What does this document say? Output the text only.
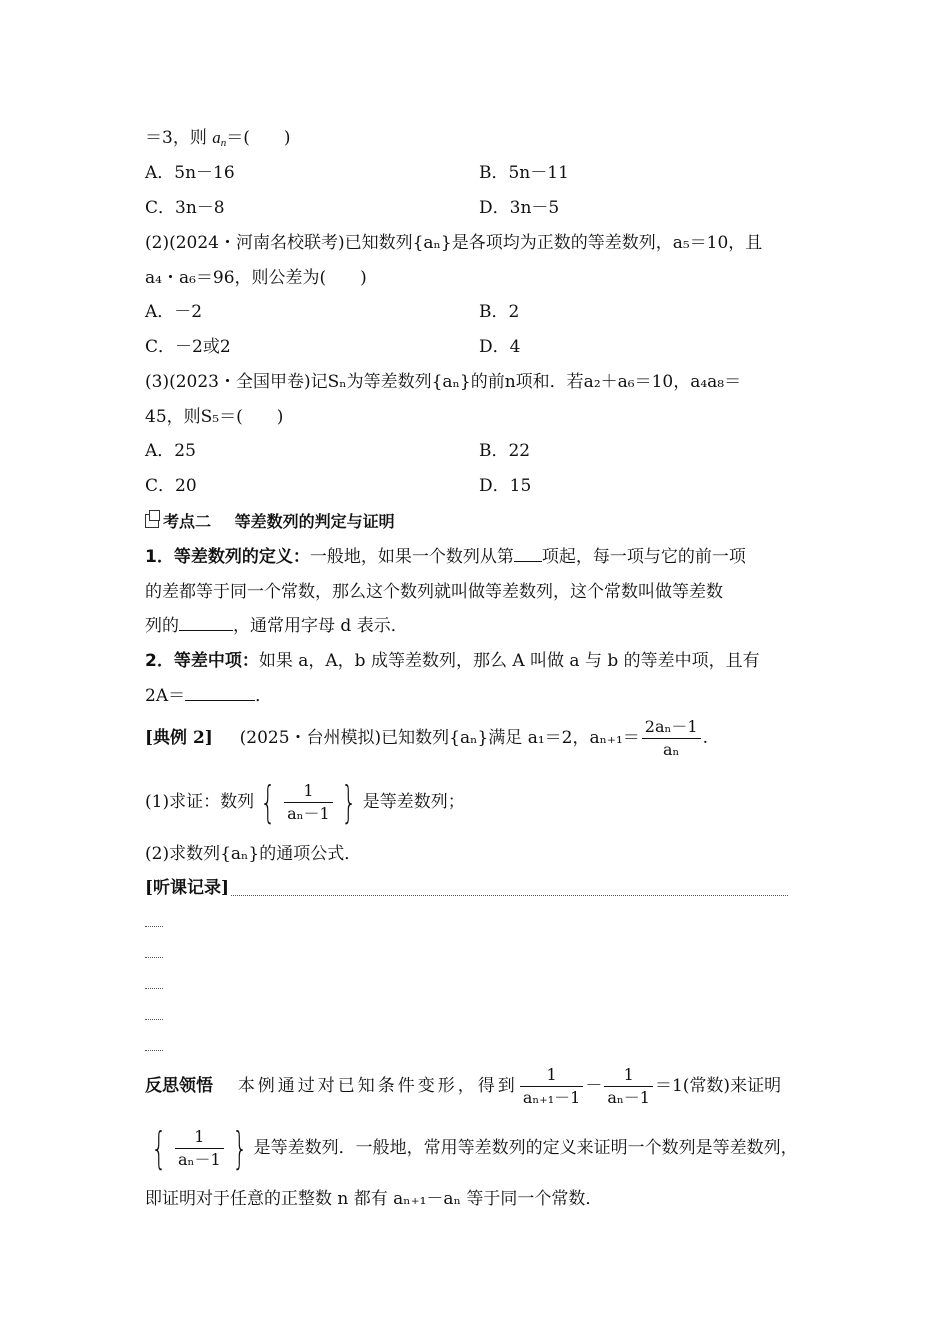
＝3，则 $a_n=$(　　)
A．5n－16	B．5n－11
C．3n－8	D．3n－5
(2)(2024・河南名校联考)已知数列{aₙ}是各项均为正数的等差数列，a₅＝10，且
a₄・a₆＝96，则公差为(　　)
A．－2	B．2
C．－2或2	D．4
(3)(2023・全国甲卷)记Sₙ为等差数列{aₙ}的前n项和．若a₂＋a₆＝10，a₄a₈＝
45，则S₅＝(　　)
A．25	B．22
C．20	D．15
考点二 等差数列的判定与证明
1．等差数列的定义：一般地，如果一个数列从第 项起，每一项与它的前一项
的差都等于同一个常数，那么这个数列就叫做等差数列，这个常数叫做等差数
列的	，通常用字母 d 表示．
2．等差中项：如果 a，A，b 成等差数列，那么 A 叫做 a 与 b 的等差中项，且有
2A＝	．
[典例 2] (2025・台州模拟)已知数列{aₙ}满足 a₁＝2，$a_{n+1}= \frac{\text{2aₙ－1}}{\text{aₙ}}$ .
(1)求证：数列 { $\frac{1}{\text{aₙ－1}}$ } 是等差数列；
(2)求数列{aₙ}的通项公式．
[听课记录]
反思领悟 本例通过对已知条件变形，得到 $\frac{1}{\text{aₙ₊₁－1}} - \frac{1}{\text{aₙ－1}} =1$(常数)来证明
{ $\frac{1}{\text{aₙ－1}}$ } 是等差数列．一般地，常用等差数列的定义来证明一个数列是等差数列，
即证明对于任意的正整数 n 都有 aₙ₊₁－aₙ 等于同一个常数．
